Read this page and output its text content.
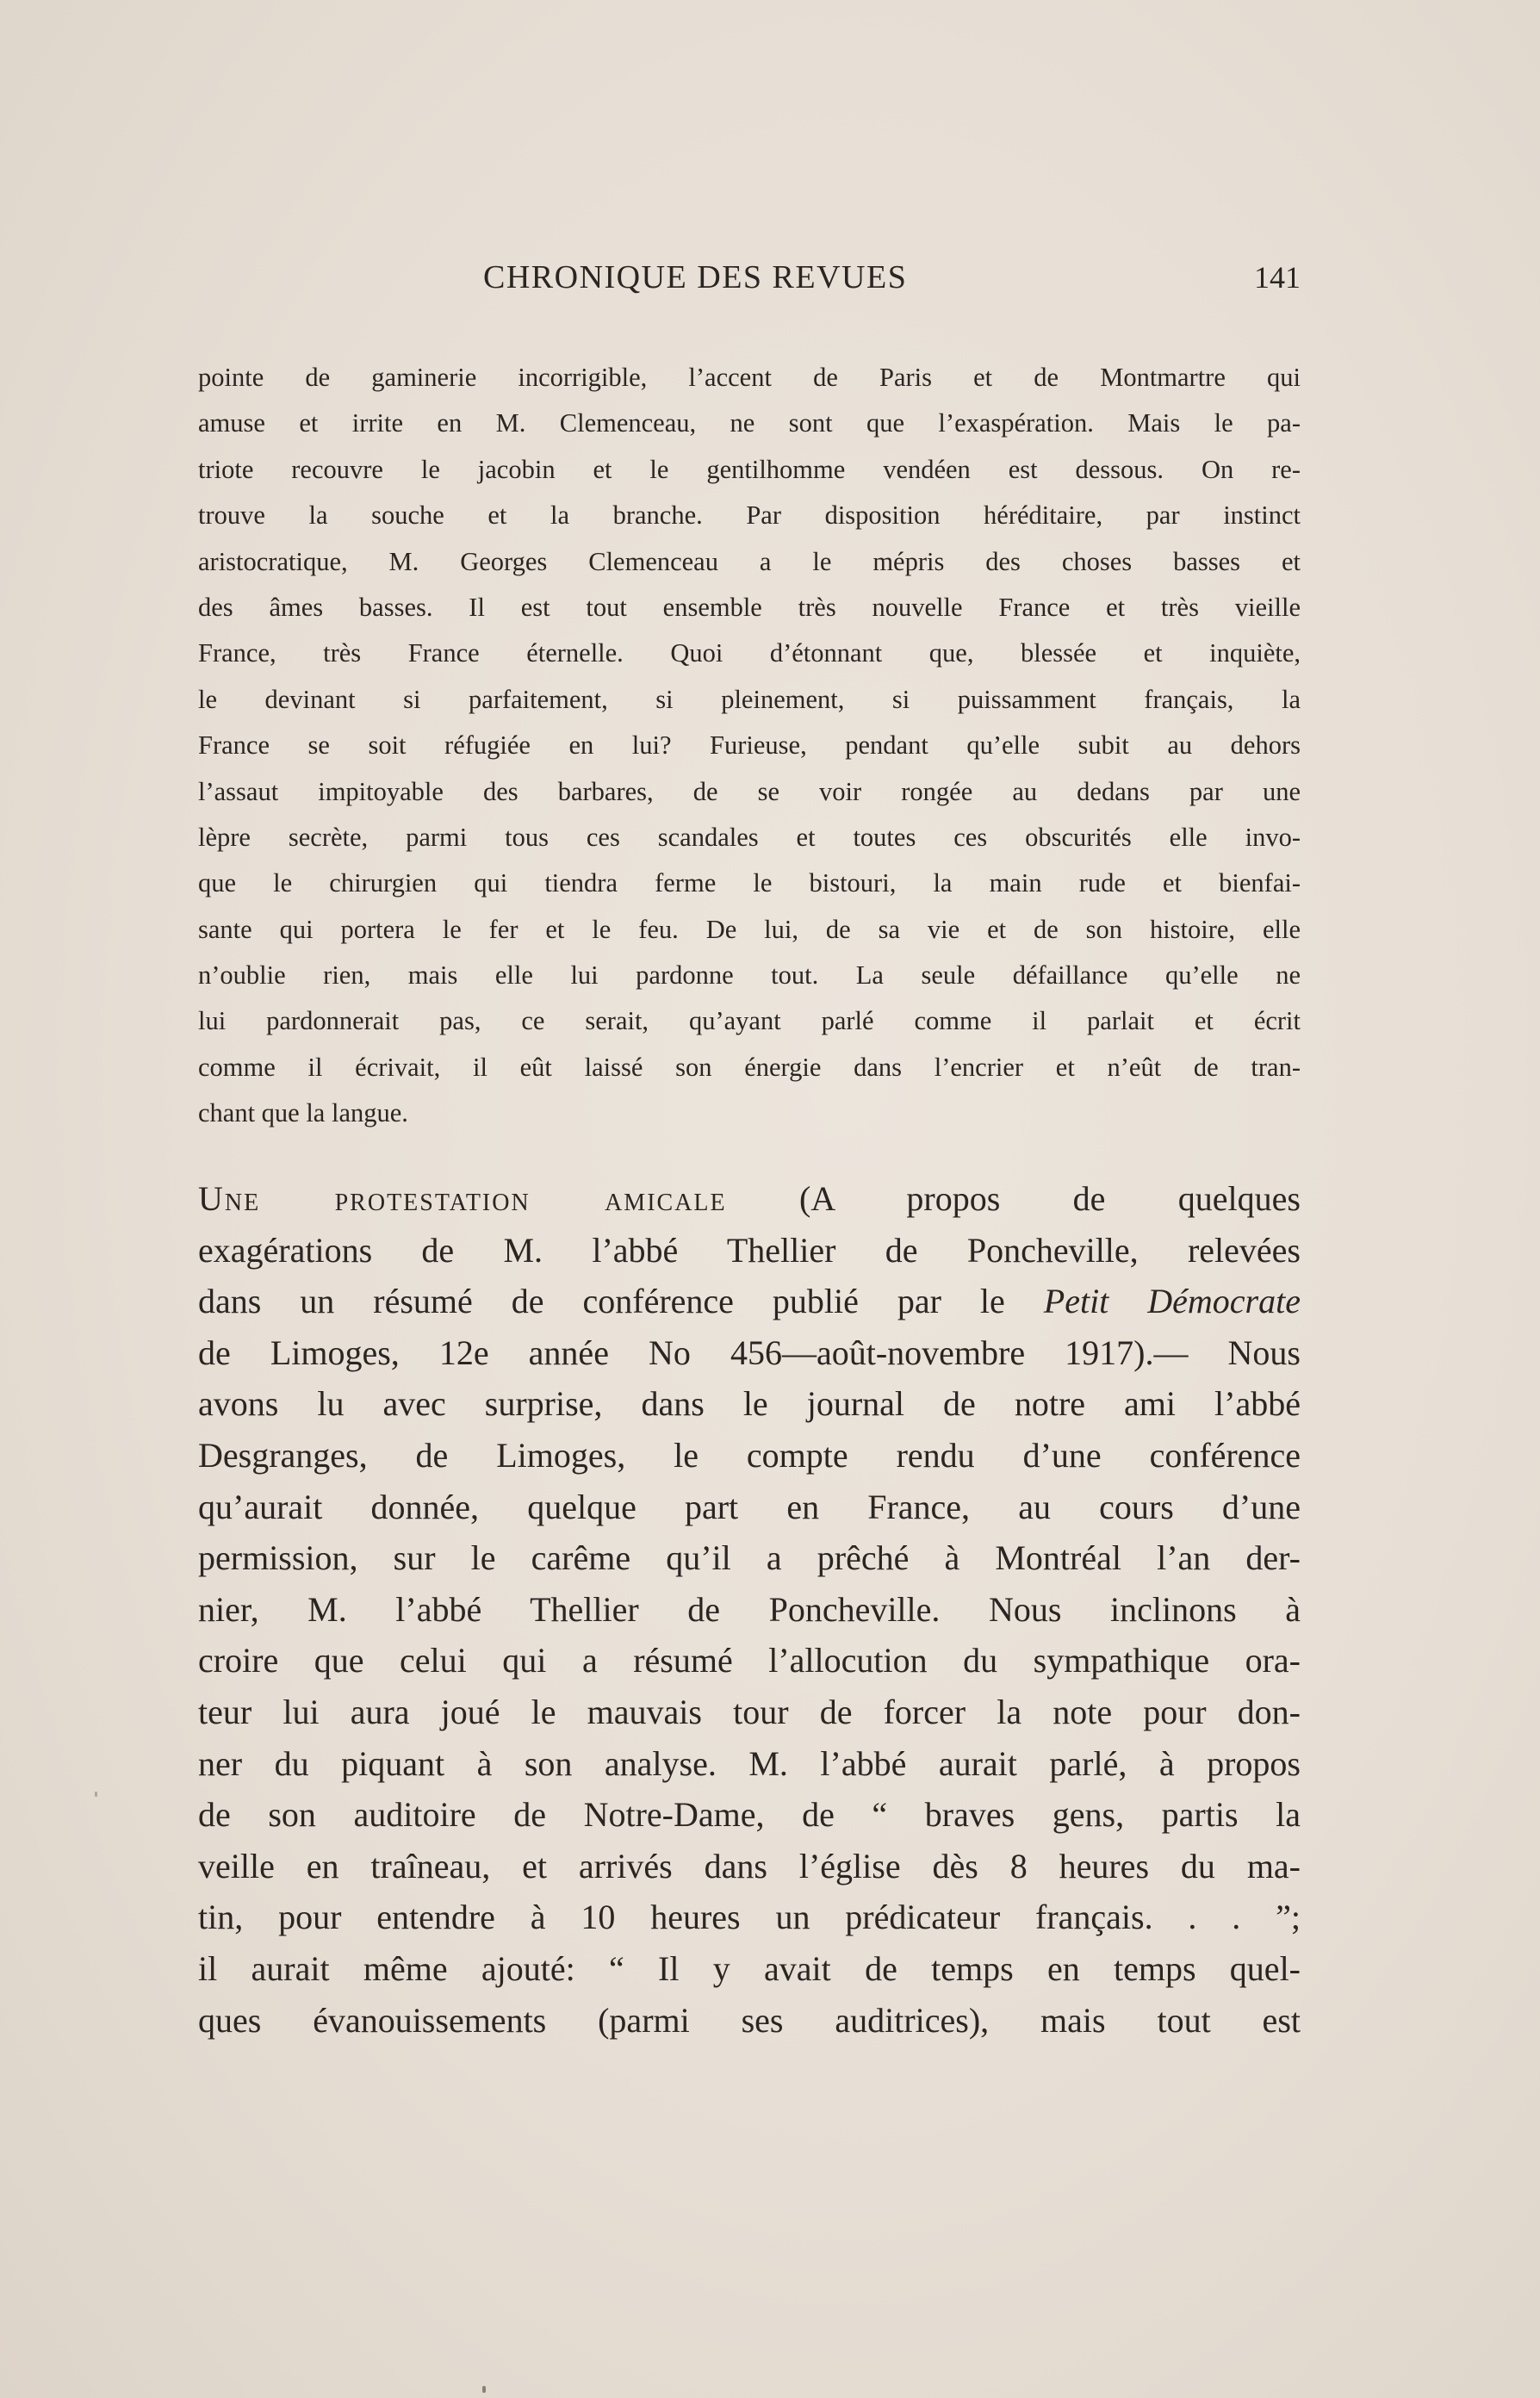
CHRONIQUE DES REVUES	141
pointe de gaminerie incorrigible, l’accent de Paris et de Montmartre qui
amuse et irrite en M. Clemenceau, ne sont que l’exaspération. Mais le pa-
triote recouvre le jacobin et le gentilhomme vendéen est dessous. On re-
trouve la souche et la branche. Par disposition héréditaire, par instinct
aristocratique, M. Georges Clemenceau a le mépris des choses basses et
des âmes basses. Il est tout ensemble très nouvelle France et très vieille
France, très France éternelle. Quoi d’étonnant que, blessée et inquiète,
le devinant si parfaitement, si pleinement, si puissamment français, la
France se soit réfugiée en lui? Furieuse, pendant qu’elle subit au dehors
l’assaut impitoyable des barbares, de se voir rongée au dedans par une
lèpre secrète, parmi tous ces scandales et toutes ces obscurités elle invo-
que le chirurgien qui tiendra ferme le bistouri, la main rude et bienfai-
sante qui portera le fer et le feu. De lui, de sa vie et de son histoire, elle
n’oublie rien, mais elle lui pardonne tout. La seule défaillance qu’elle ne
lui pardonnerait pas, ce serait, qu’ayant parlé comme il parlait et écrit
comme il écrivait, il eût laissé son énergie dans l’encrier et n’eût de tran-
chant que la langue.
Une protestation amicale (A propos de quelques
exagérations de M. l’abbé Thellier de Poncheville, relevées
dans un résumé de conférence publié par le Petit Démocrate
de Limoges, 12e année No 456—août-novembre 1917).— Nous
avons lu avec surprise, dans le journal de notre ami l’abbé
Desgranges, de Limoges, le compte rendu d’une conférence
qu’aurait donnée, quelque part en France, au cours d’une
permission, sur le carême qu’il a prêché à Montréal l’an der-
nier, M. l’abbé Thellier de Poncheville. Nous inclinons à
croire que celui qui a résumé l’allocution du sympathique ora-
teur lui aura joué le mauvais tour de forcer la note pour don-
ner du piquant à son analyse. M. l’abbé aurait parlé, à propos
de son auditoire de Notre-Dame, de “ braves gens, partis la
veille en traîneau, et arrivés dans l’église dès 8 heures du ma-
tin, pour entendre à 10 heures un prédicateur français. . . ”;
il aurait même ajouté: “ Il y avait de temps en temps quel-
ques évanouissements (parmi ses auditrices), mais tout est
